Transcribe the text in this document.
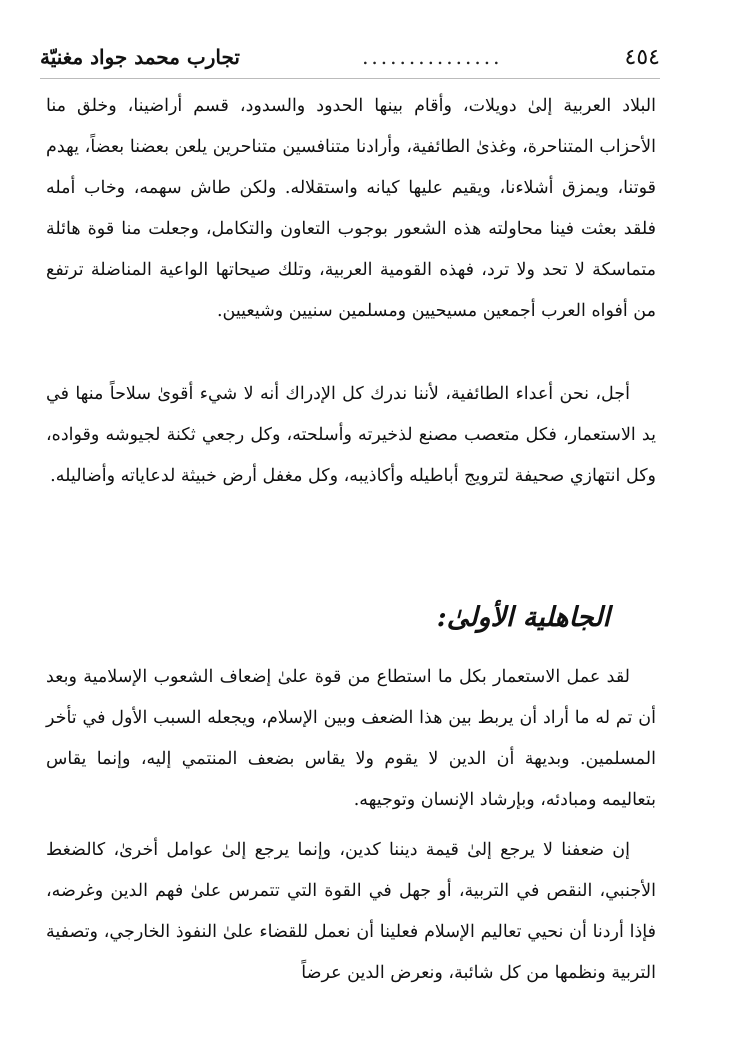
٤٥٤
...............
تجارب محمد جواد مغنيّة

البلاد العربية إلىٰ دويلات، وأقام بينها الحدود والسدود، قسم أراضينا، وخلق منا الأحزاب المتناحرة، وغذىٰ الطائفية، وأرادنا متنافسين متناحرين يلعن بعضنا بعضاً، يهدم قوتنا، ويمزق أشلاءنا، ويقيم عليها كيانه واستقلاله. ولكن طاش سهمه، وخاب أمله فلقد بعثت فينا محاولته هذه الشعور بوجوب التعاون والتكامل، وجعلت منا قوة هائلة متماسكة لا تحد ولا ترد، فهذه القومية العربية، وتلك صيحاتها الواعية المناضلة ترتفع من أفواه العرب أجمعين مسيحيين ومسلمين سنيين وشيعيين.

أجل، نحن أعداء الطائفية، لأننا ندرك كل الإدراك أنه لا شيء أقوىٰ سلاحاً منها في يد الاستعمار، فكل متعصب مصنع لذخيرته وأسلحته، وكل رجعي ثكنة لجيوشه وقواده، وكل انتهازي صحيفة لترويج أباطيله وأكاذيبه، وكل مغفل أرض خبيثة لدعاياته وأضاليله.

الجاهلية الأولىٰ:

لقد عمل الاستعمار بكل ما استطاع من قوة علىٰ إضعاف الشعوب الإسلامية وبعد أن تم له ما أراد أن يربط بين هذا الضعف وبين الإسلام، ويجعله السبب الأول في تأخر المسلمين. وبديهة أن الدين لا يقوم ولا يقاس بضعف المنتمي إليه، وإنما يقاس بتعاليمه ومبادئه، وبإرشاد الإنسان وتوجيهه.

إن ضعفنا لا يرجع إلىٰ قيمة ديننا كدين، وإنما يرجع إلىٰ عوامل أخرىٰ، كالضغط الأجنبي، النقص في التربية، أو جهل في القوة التي تتمرس علىٰ فهم الدين وغرضه، فإذا أردنا أن نحيي تعاليم الإسلام فعلينا أن نعمل للقضاء علىٰ النفوذ الخارجي، وتصفية التربية ونظمها من كل شائبة، ونعرض الدين عرضاً
